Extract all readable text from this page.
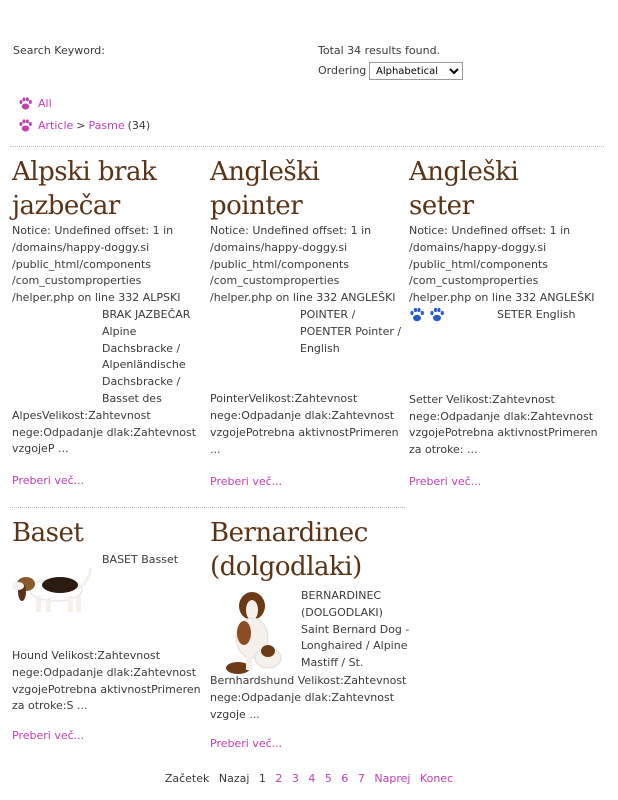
Search Keyword:	Total 34 results found.
Ordering
Alphabetical
All
Article > Pasme (34)
Alpski brak
jazbečar
Notice: Undefined offset: 1 in /domains/happy-doggy.si /public_html/components /com_customproperties /helper.php on line 332 ALPSKI
BRAK JAZBEČAR Alpine Dachsbracke / Alpenländische Dachsbracke / Basset des
AlpesVelikost:Zahtevnost nege:Odpadanje dlak:Zahtevnost vzgojeP ...
Preberi več...
Angleški
pointer
Notice: Undefined offset: 1 in /domains/happy-doggy.si /public_html/components /com_customproperties /helper.php on line 332 ANGLEŠKI
POINTER / POENTER Pointer / English
PointerVelikost:Zahtevnost nege:Odpadanje dlak:Zahtevnost vzgojePotrebna aktivnostPrimeren ...
Preberi več...
Angleški
seter
Notice: Undefined offset: 1 in /domains/happy-doggy.si /public_html/components /com_customproperties /helper.php on line 332 ANGLEŠKI
SETER English
Setter Velikost:Zahtevnost nege:Odpadanje dlak:Zahtevnost vzgojePotrebna aktivnostPrimeren za otroke: ...
Preberi več...
Baset
BASET Basset
Hound Velikost:Zahtevnost nege:Odpadanje dlak:Zahtevnost vzgojePotrebna aktivnostPrimeren za otroke:S ...
Preberi več...
Bernardinec
(dolgodlaki)
BERNARDINEC (DOLGODLAKI) Saint Bernard Dog - Longhaired / Alpine Mastiff / St.
Bernhardshund Velikost:Zahtevnost nege:Odpadanje dlak:Zahtevnost vzgoje ...
Preberi več...
Začetek Nazaj 1 2 3 4 5 6 7 Naprej Konec
